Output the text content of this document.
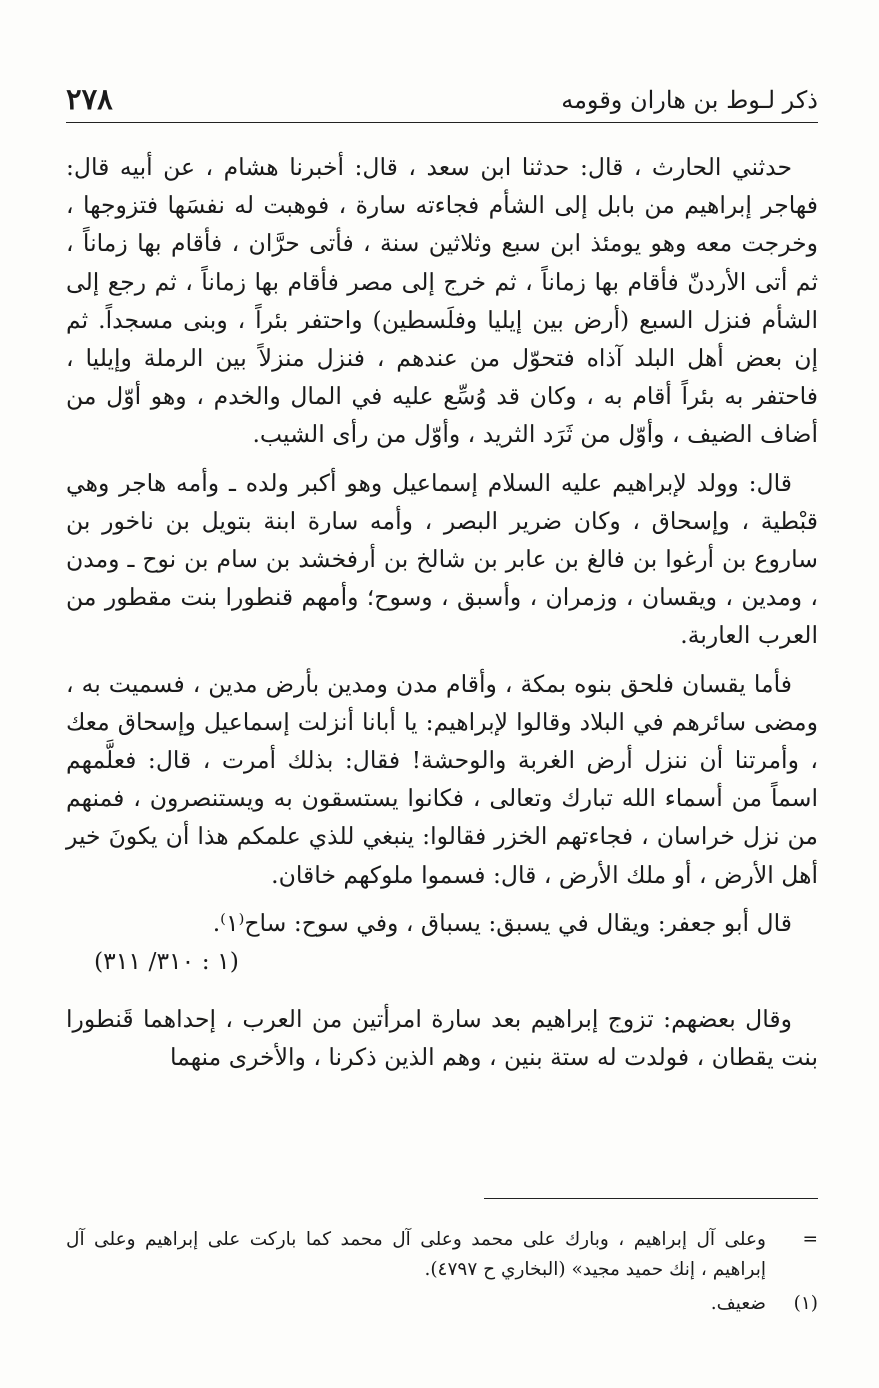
٢٧٨	ذكر لـوط بن هاران وقومه

حدثني الحارث ، قال: حدثنا ابن سعد ، قال: أخبرنا هشام ، عن أبيه قال: فهاجر إبراهيم من بابل إلى الشأم فجاءته سارة ، فوهبت له نفسَها فتزوجها ، وخرجت معه وهو يومئذ ابن سبع وثلاثين سنة ، فأتى حرَّان ، فأقام بها زماناً ، ثم أتى الأردنّ فأقام بها زماناً ، ثم خرج إلى مصر فأقام بها زماناً ، ثم رجع إلى الشأم فنزل السبع (أرض بين إيليا وفلَسطين) واحتفر بئراً ، وبنى مسجداً. ثم إن بعض أهل البلد آذاه فتحوّل من عندهم ، فنزل منزلاً بين الرملة وإيليا ، فاحتفر به بئراً أقام به ، وكان قد وُسِّع عليه في المال والخدم ، وهو أوّل من أضاف الضيف ، وأوّل من ثَرَد الثريد ، وأوّل من رأى الشيب.

قال: وولد لإبراهيم عليه السلام إسماعيل وهو أكبر ولده ـ وأمه هاجر وهي قبْطية ، وإسحاق ، وكان ضرير البصر ، وأمه سارة ابنة بتويل بن ناخور بن ساروع بن أرغوا بن فالغ بن عابر بن شالخ بن أرفخشد بن سام بن نوح ـ ومدن ، ومدين ، ويقسان ، وزمران ، وأسبق ، وسوح؛ وأمهم قنطورا بنت مقطور من العرب العاربة.

فأما يقسان فلحق بنوه بمكة ، وأقام مدن ومدين بأرض مدين ، فسميت به ، ومضى سائرهم في البلاد وقالوا لإبراهيم: يا أبانا أنزلت إسماعيل وإسحاق معك ، وأمرتنا أن ننزل أرض الغربة والوحشة! فقال: بذلك أمرت ، قال: فعلَّمهم اسماً من أسماء الله تبارك وتعالى ، فكانوا يستسقون به ويستنصرون ، فمنهم من نزل خراسان ، فجاءتهم الخزر فقالوا: ينبغي للذي علمكم هذا أن يكونَ خير أهل الأرض ، أو ملك الأرض ، قال: فسموا ملوكهم خاقان.

قال أبو جعفر: ويقال في يسبق: يسباق ، وفي سوح: ساح⁽١⁾.

(١ : ٣١٠/ ٣١١)

وقال بعضهم: تزوج إبراهيم بعد سارة امرأتين من العرب ، إحداهما قَنطورا بنت يقطان ، فولدت له ستة بنين ، وهم الذين ذكرنا ، والأخرى منهما

=
وعلى آل إبراهيم ، وبارك على محمد وعلى آل محمد كما باركت على إبراهيم وعلى آل إبراهيم ، إنك حميد مجيد» (البخاري ح ٤٧٩٧).
(١)
ضعيف.
